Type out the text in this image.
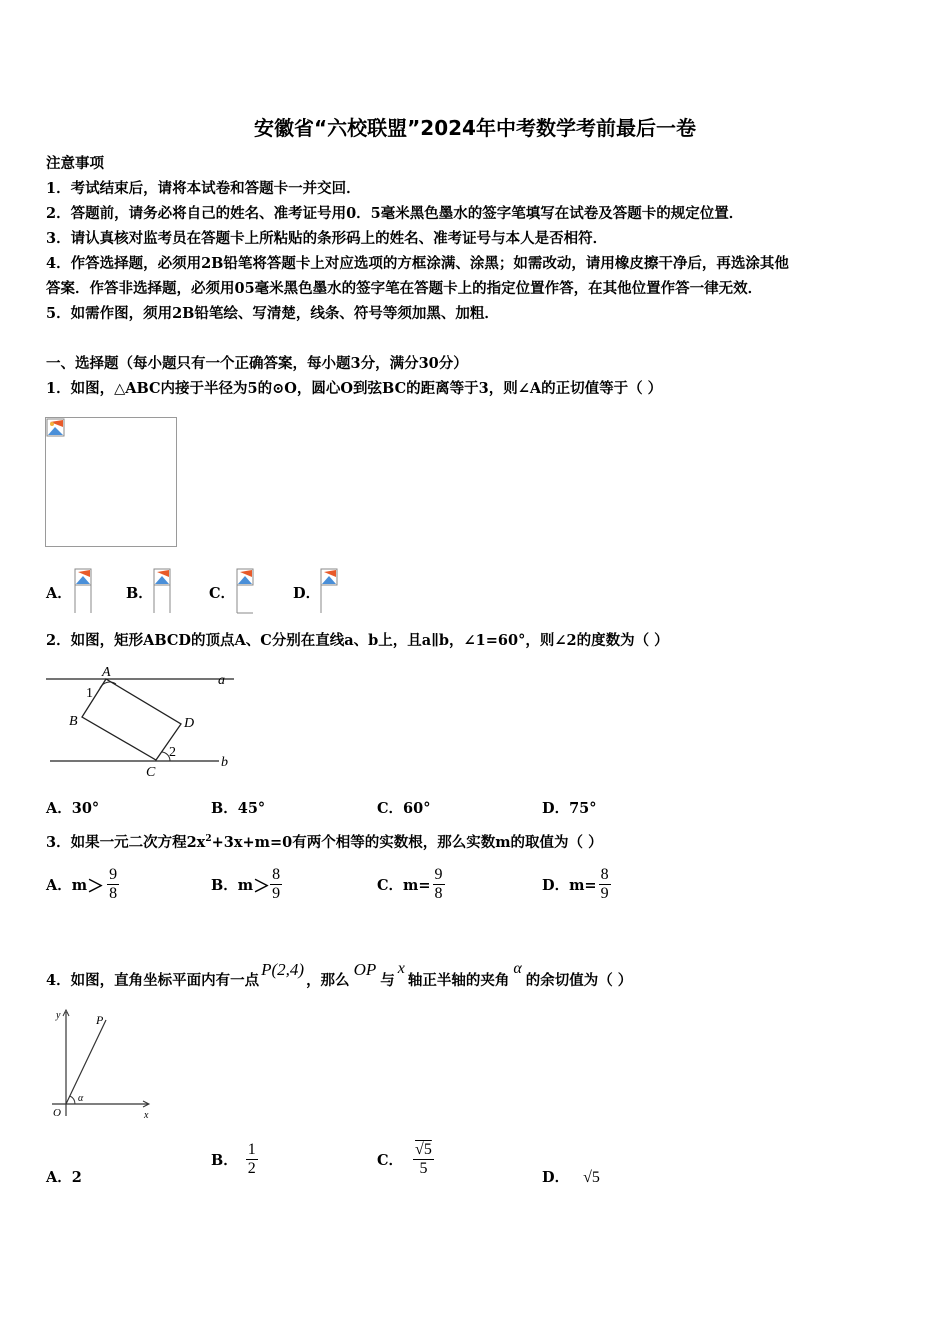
安徽省“六校联盟”2024年中考数学考前最后一卷
注意事项
1．考试结束后，请将本试卷和答题卡一并交回．
2．答题前，请务必将自己的姓名、准考证号用0．5毫米黑色墨水的签字笔填写在试卷及答题卡的规定位置．
3．请认真核对监考员在答题卡上所粘贴的条形码上的姓名、准考证号与本人是否相符．
4．作答选择题，必须用2B铅笔将答题卡上对应选项的方框涂满、涂黑；如需改动，请用橡皮擦干净后，再选涂其他
答案．作答非选择题，必须用05毫米黑色墨水的签字笔在答题卡上的指定位置作答，在其他位置作答一律无效．
5．如需作图，须用2B铅笔绘、写清楚，线条、符号等须加黑、加粗．
一、选择题（每小题只有一个正确答案，每小题3分，满分30分）
1．如图，△ABC内接于半径为5的⊙O，圆心O到弦BC的距离等于3，则∠A的正切值等于（ ）
A．	B．	C．	D．
2．如图，矩形ABCD的顶点A、C分别在直线a、b上，且a∥b，∠1=60°，则∠2的度数为（ ）
A
B
C
D
a
b
1
2
A．30°	B．45°	C．60°	D．75°
3．如果一元二次方程$2x^2+3x+m=0$有两个相等的实数根，那么实数m的取值为（ ）
A．$m> \frac{9}{8}$	B．$m> \frac{8}{9}$	C．$m= \frac{9}{8}$	D．$m= \frac{8}{9}$
4．如图，直角坐标平面内有一点P(2,4)，那么OP与x轴正半轴的夹角α的余切值为（ ）
y	P
O	x
α
A．2
B． $\frac{1}{2}$	C． $\frac{√5}{5}$	D． √5
